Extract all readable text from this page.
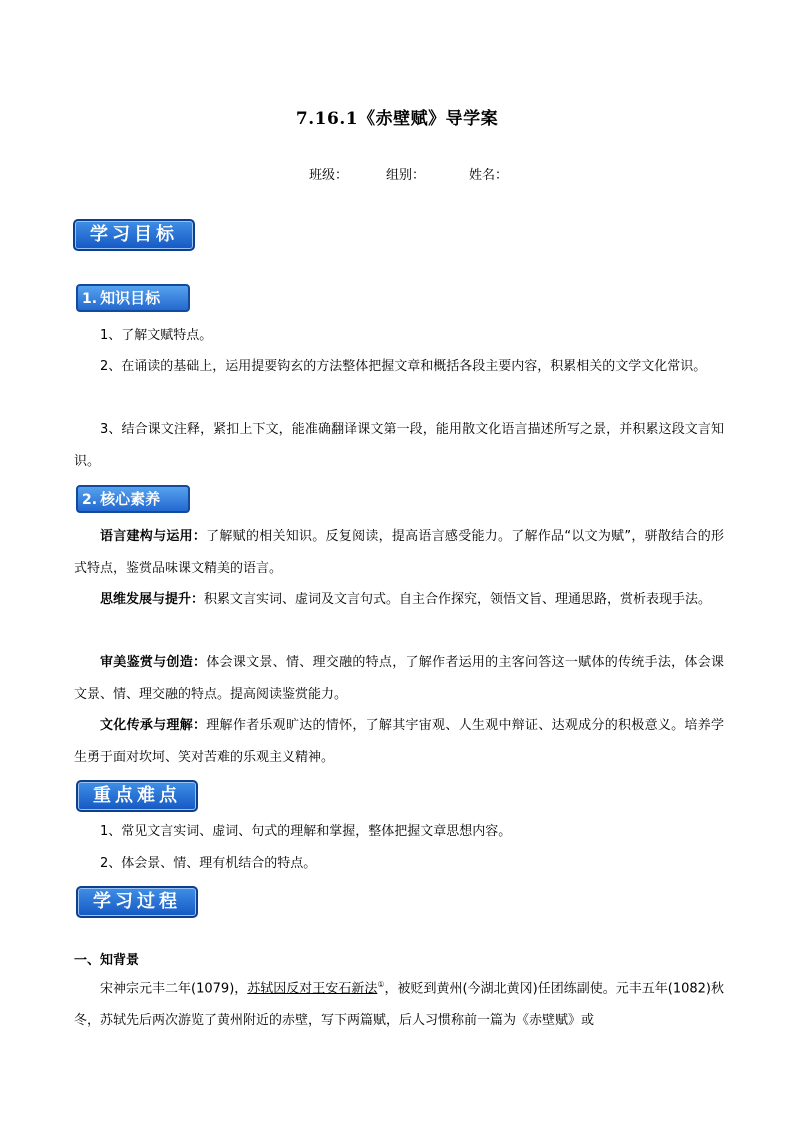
7.16.1《赤壁赋》导学案
班级：	组别：	姓名：
学习目标
1. 知识目标
1、了解文赋特点。
2、在诵读的基础上，运用提要钩玄的方法整体把握文章和概括各段主要内容，积累相关的文学文化常识。
3、结合课文注释，紧扣上下文，能准确翻译课文第一段，能用散文化语言描述所写之景，并积累这段文言知识。
2. 核心素养
语言建构与运用：了解赋的相关知识。反复阅读，提高语言感受能力。了解作品“以文为赋”，骈散结合的形式特点，鉴赏品味课文精美的语言。
思维发展与提升：积累文言实词、虚词及文言句式。自主合作探究，领悟文旨、理通思路，赏析表现手法。
审美鉴赏与创造：体会课文景、情、理交融的特点，了解作者运用的主客问答这一赋体的传统手法，体会课文景、情、理交融的特点。提高阅读鉴赏能力。
文化传承与理解：理解作者乐观旷达的情怀，了解其宇宙观、人生观中辩证、达观成分的积极意义。培养学生勇于面对坎坷、笑对苦难的乐观主义精神。
重点难点
1、常见文言实词、虚词、句式的理解和掌握，整体把握文章思想内容。
2、体会景、情、理有机结合的特点。
学习过程
一、知背景
宋神宗元丰二年(1079)，苏轼因反对王安石新法①，被贬到黄州(今湖北黄冈)任团练副使。元丰五年(1082)秋冬，苏轼先后两次游览了黄州附近的赤壁，写下两篇赋，后人习惯称前一篇为《赤壁赋》或
